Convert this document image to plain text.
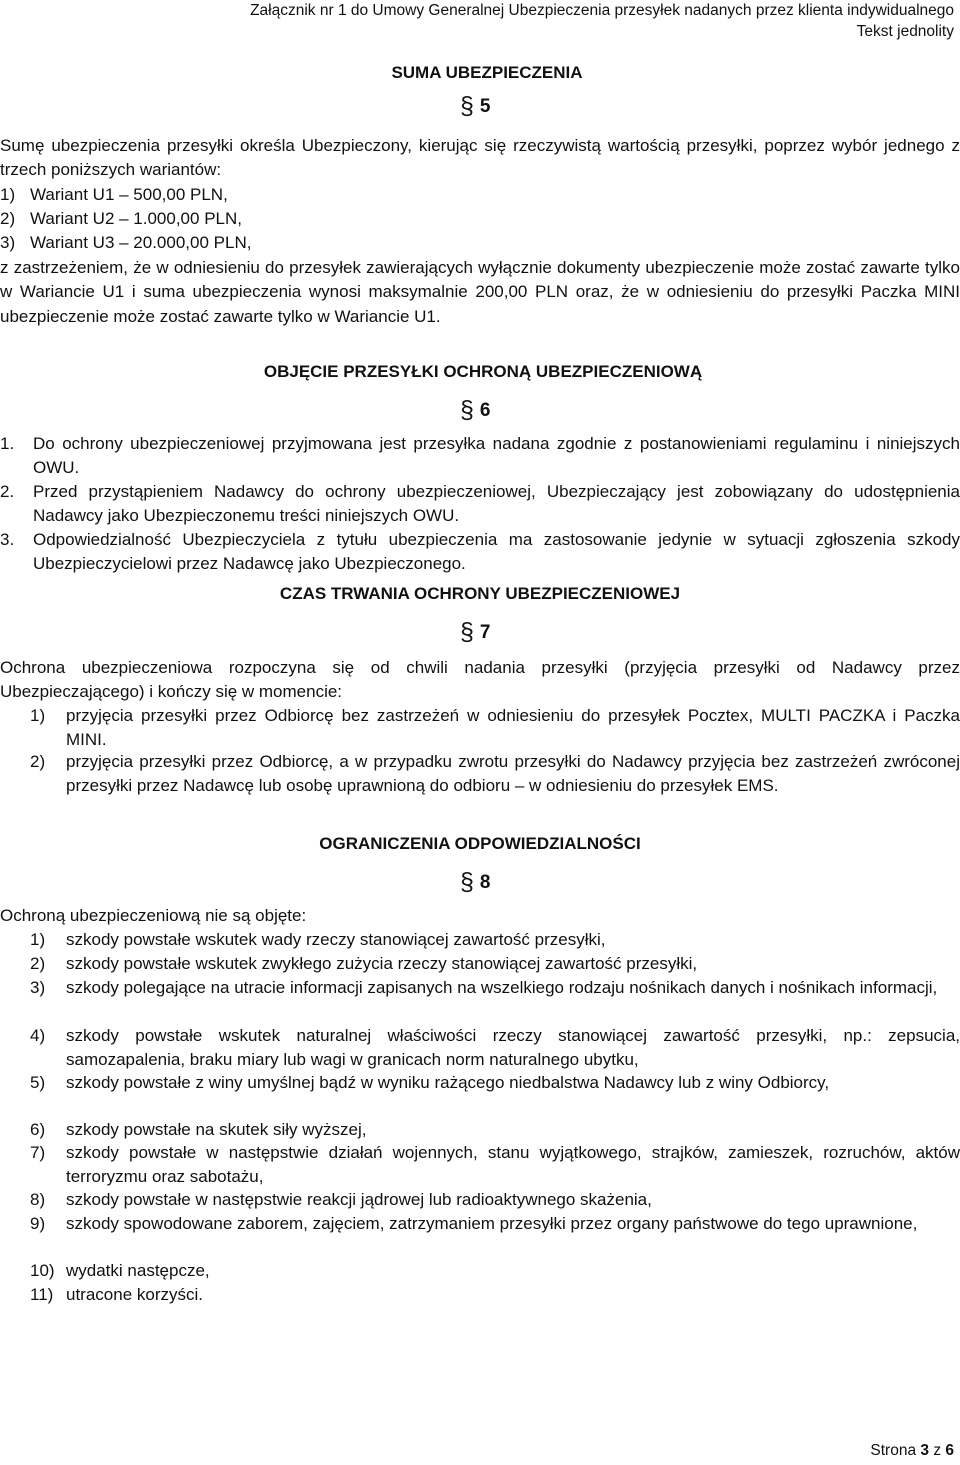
Załącznik nr 1 do Umowy Generalnej Ubezpieczenia przesyłek nadanych przez klienta indywidualnego
Tekst jednolity
SUMA UBEZPIECZENIA
§ 5
Sumę ubezpieczenia przesyłki określa Ubezpieczony, kierując się rzeczywistą wartością przesyłki, poprzez wybór jednego z trzech poniższych wariantów:
1) Wariant U1 – 500,00 PLN,
2) Wariant U2 – 1.000,00 PLN,
3) Wariant U3 – 20.000,00 PLN,
z zastrzeżeniem, że w odniesieniu do przesyłek zawierających wyłącznie dokumenty ubezpieczenie może zostać zawarte tylko w Wariancie U1 i suma ubezpieczenia wynosi maksymalnie 200,00 PLN oraz, że w odniesieniu do przesyłki Paczka MINI ubezpieczenie może zostać zawarte tylko w Wariancie U1.
OBJĘCIE PRZESYŁKI OCHRONĄ UBEZPIECZENIOWĄ
§ 6
1. Do ochrony ubezpieczeniowej przyjmowana jest przesyłka nadana zgodnie z postanowieniami regulaminu i niniejszych OWU.
2. Przed przystąpieniem Nadawcy do ochrony ubezpieczeniowej, Ubezpieczający jest zobowiązany do udostępnienia Nadawcy jako Ubezpieczonemu treści niniejszych OWU.
3. Odpowiedzialność Ubezpieczyciela z tytułu ubezpieczenia ma zastosowanie jedynie w sytuacji zgłoszenia szkody Ubezpieczycielowi przez Nadawcę jako Ubezpieczonego.
CZAS TRWANIA OCHRONY UBEZPIECZENIOWEJ
§ 7
Ochrona ubezpieczeniowa rozpoczyna się od chwili nadania przesyłki (przyjęcia przesyłki od Nadawcy przez Ubezpieczającego) i kończy się w momencie:
1) przyjęcia przesyłki przez Odbiorcę bez zastrzeżeń w odniesieniu do przesyłek Pocztex, MULTI PACZKA i Paczka MINI.
2) przyjęcia przesyłki przez Odbiorcę, a w przypadku zwrotu przesyłki do Nadawcy przyjęcia bez zastrzeżeń zwróconej przesyłki przez Nadawcę lub osobę uprawnioną do odbioru – w odniesieniu do przesyłek EMS.
OGRANICZENIA ODPOWIEDZIALNOŚCI
§ 8
Ochroną ubezpieczeniową nie są objęte:
1) szkody powstałe wskutek wady rzeczy stanowiącej zawartość przesyłki,
2) szkody powstałe wskutek zwykłego zużycia rzeczy stanowiącej zawartość przesyłki,
3) szkody polegające na utracie informacji zapisanych na wszelkiego rodzaju nośnikach danych i nośnikach informacji,
4) szkody powstałe wskutek naturalnej właściwości rzeczy stanowiącej zawartość przesyłki, np.: zepsucia, samozapalenia, braku miary lub wagi w granicach norm naturalnego ubytku,
5) szkody powstałe z winy umyślnej bądź w wyniku rażącego niedbalstwa Nadawcy lub z winy Odbiorcy,
6) szkody powstałe na skutek siły wyższej,
7) szkody powstałe w następstwie działań wojennych, stanu wyjątkowego, strajków, zamieszek, rozruchów, aktów terroryzmu oraz sabotażu,
8) szkody powstałe w następstwie reakcji jądrowej lub radioaktywnego skażenia,
9) szkody spowodowane zaborem, zajęciem, zatrzymaniem przesyłki przez organy państwowe do tego uprawnione,
10) wydatki następcze,
11) utracone korzyści.
Strona 3 z 6
